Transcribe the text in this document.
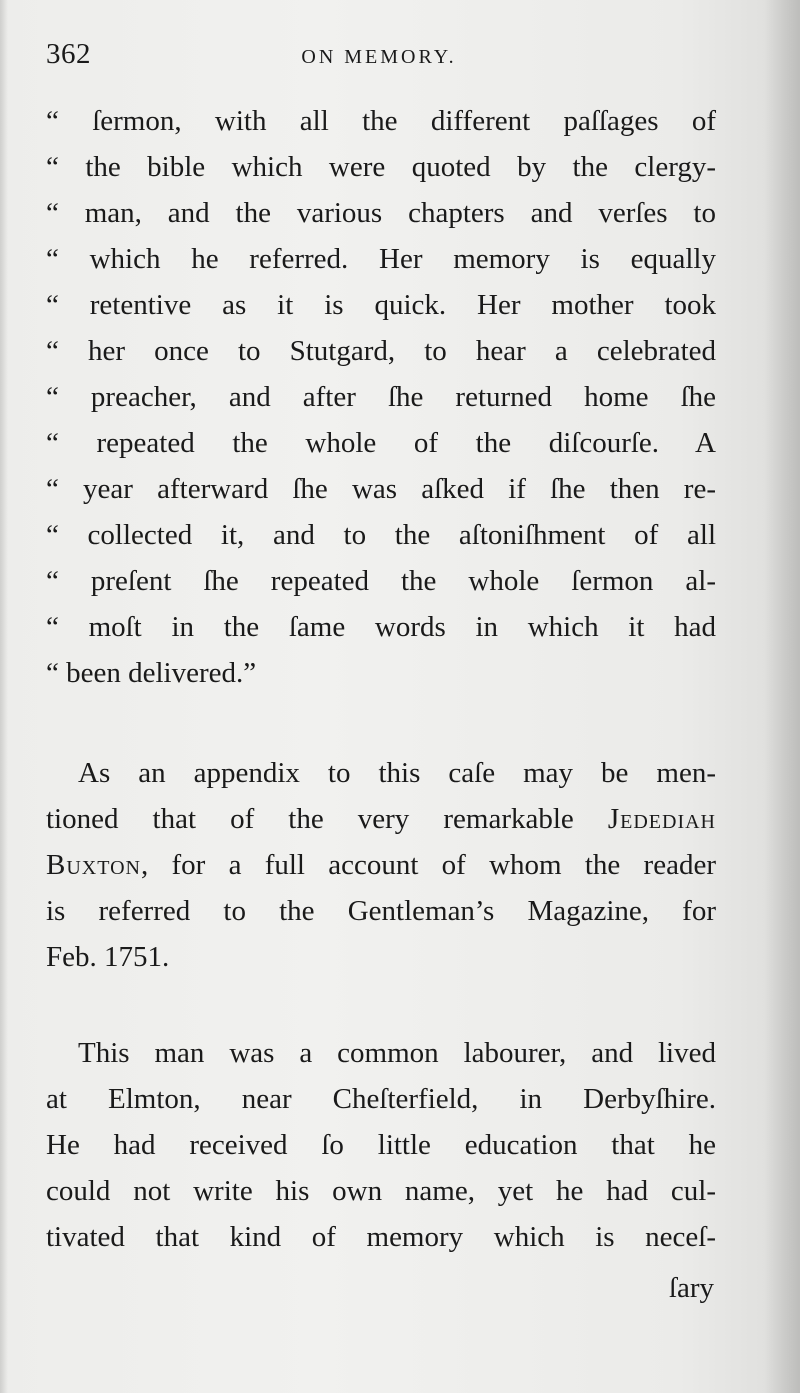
362	ON MEMORY.
“ ſermon, with all the different paſſages of
“ the bible which were quoted by the clergy-
“ man, and the various chapters and verſes to
“ which he referred. Her memory is equally
“ retentive as it is quick. Her mother took
“ her once to Stutgard, to hear a celebrated
“ preacher, and after ſhe returned home ſhe
“ repeated the whole of the diſcourſe. A
“ year afterward ſhe was aſked if ſhe then re-
“ collected it, and to the aſtoniſhment of all
“ preſent ſhe repeated the whole ſermon al-
“ moſt in the ſame words in which it had
“ been delivered.”
As an appendix to this caſe may be men-
tioned that of the very remarkable Jedediah
Buxton, for a full account of whom the reader
is referred to the Gentleman’s Magazine, for
Feb. 1751.
This man was a common labourer, and lived
at Elmton, near Cheſterfield, in Derbyſhire.
He had received ſo little education that he
could not write his own name, yet he had cul-
tivated that kind of memory which is neceſ-
ſary
